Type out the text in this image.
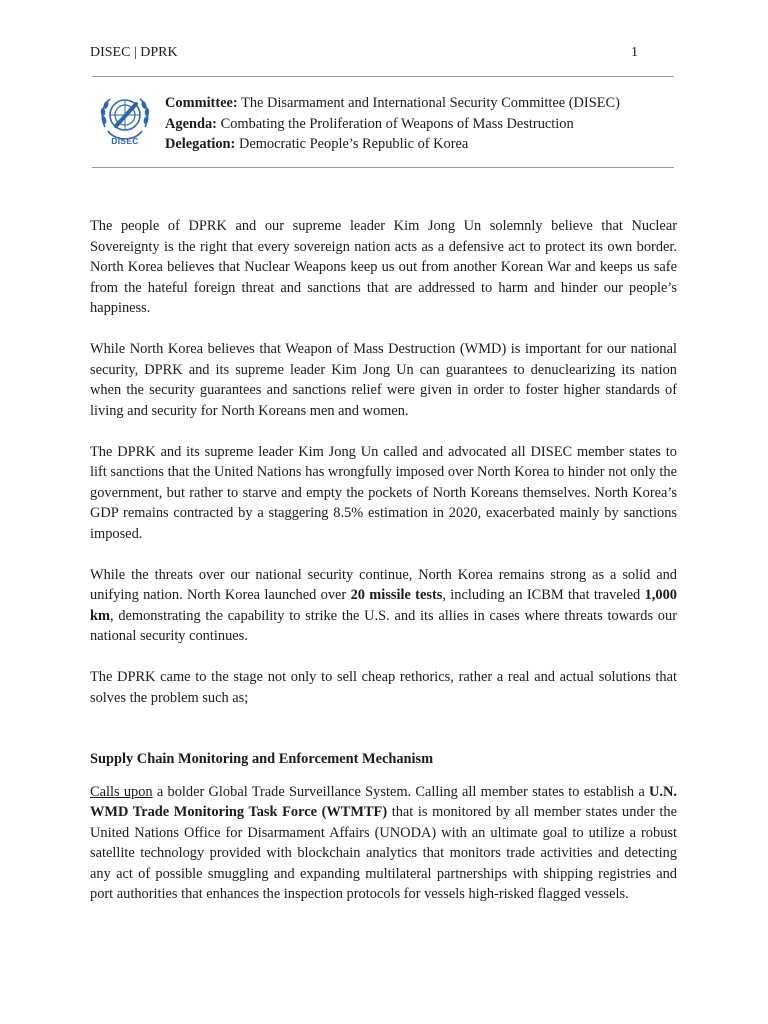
DISEC | DPRK	1
DISEC
Committee: The Disarmament and International Security Committee (DISEC)
Agenda: Combating the Proliferation of Weapons of Mass Destruction
Delegation: Democratic People’s Republic of Korea

The people of DPRK and our supreme leader Kim Jong Un solemnly believe that Nuclear Sovereignty is the right that every sovereign nation acts as a defensive act to protect its own border. North Korea believes that Nuclear Weapons keep us out from another Korean War and keeps us safe from the hateful foreign threat and sanctions that are addressed to harm and hinder our people’s happiness.

While North Korea believes that Weapon of Mass Destruction (WMD) is important for our national security, DPRK and its supreme leader Kim Jong Un can guarantees to denuclearizing its nation when the security guarantees and sanctions relief were given in order to foster higher standards of living and security for North Koreans men and women.

The DPRK and its supreme leader Kim Jong Un called and advocated all DISEC member states to lift sanctions that the United Nations has wrongfully imposed over North Korea to hinder not only the government, but rather to starve and empty the pockets of North Koreans themselves. North Korea’s GDP remains contracted by a staggering 8.5% estimation in 2020, exacerbated mainly by sanctions imposed.

While the threats over our national security continue, North Korea remains strong as a solid and unifying nation. North Korea launched over 20 missile tests, including an ICBM that traveled 1,000 km, demonstrating the capability to strike the U.S. and its allies in cases where threats towards our national security continues.

The DPRK came to the stage not only to sell cheap rethorics, rather a real and actual solutions that solves the problem such as;

Supply Chain Monitoring and Enforcement Mechanism

Calls upon a bolder Global Trade Surveillance System. Calling all member states to establish a U.N. WMD Trade Monitoring Task Force (WTMTF) that is monitored by all member states under the United Nations Office for Disarmament Affairs (UNODA) with an ultimate goal to utilize a robust satellite technology provided with blockchain analytics that monitors trade activities and detecting any act of possible smuggling and expanding multilateral partnerships with shipping registries and port authorities that enhances the inspection protocols for vessels high-risked flagged vessels.
